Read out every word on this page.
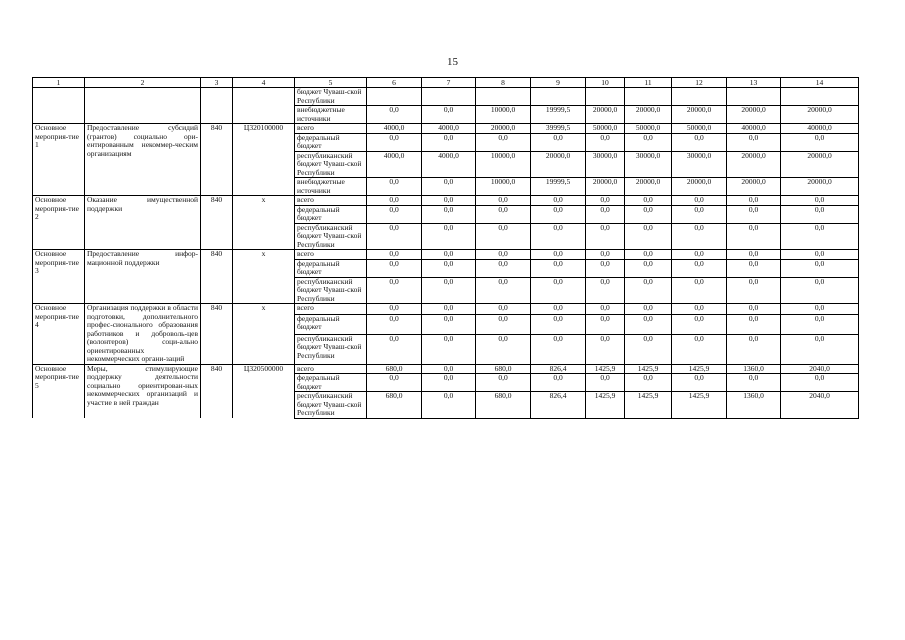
15
1	2	3	4	5	6	7	8	9	10	11	12	13	14
				бюджет Чуваш-ской Республики									
				внебюджетные источники	0,0	0,0	10000,0	19999,5	20000,0	20000,0	20000,0	20000,0	20000,0
Основное мероприя-тие 1	Предоставление субсидий (грантов) социально ори-ентированным некоммер-ческим организациям	840	Ц320100000	всего	4000,0	4000,0	20000,0	39999,5	50000,0	50000,0	50000,0	40000,0	40000,0
				федеральный бюджет	0,0	0,0	0,0	0,0	0,0	0,0	0,0	0,0	0,0
				республиканский бюджет Чуваш-ской Республики	4000,0	4000,0	10000,0	20000,0	30000,0	30000,0	30000,0	20000,0	20000,0
				внебюджетные источники	0,0	0,0	10000,0	19999,5	20000,0	20000,0	20000,0	20000,0	20000,0
Основное мероприя-тие 2	Оказание имущественной поддержки	840	х	всего	0,0	0,0	0,0	0,0	0,0	0,0	0,0	0,0	0,0
				федеральный бюджет	0,0	0,0	0,0	0,0	0,0	0,0	0,0	0,0	0,0
				республиканский бюджет Чуваш-ской Республики	0,0	0,0	0,0	0,0	0,0	0,0	0,0	0,0	0,0
Основное мероприя-тие 3	Предоставление инфор-мационной поддержки	840	х	всего	0,0	0,0	0,0	0,0	0,0	0,0	0,0	0,0	0,0
				федеральный бюджет	0,0	0,0	0,0	0,0	0,0	0,0	0,0	0,0	0,0
				республиканский бюджет Чуваш-ской Республики	0,0	0,0	0,0	0,0	0,0	0,0	0,0	0,0	0,0
Основное мероприя-тие 4	Организация поддержки в области подготовки, дополнительного профес-сионального образования работников и доброволь-цев (волонтеров) соци-ально ориентированных некоммерческих органи-заций	840	х	всего	0,0	0,0	0,0	0,0	0,0	0,0	0,0	0,0	0,0
				федеральный бюджет	0,0	0,0	0,0	0,0	0,0	0,0	0,0	0,0	0,0
				республиканский бюджет Чуваш-ской Республики	0,0	0,0	0,0	0,0	0,0	0,0	0,0	0,0	0,0
Основное мероприя-тие 5	Меры, стимулирующие поддержку деятельности социально ориентирован-ных некоммерческих организаций и участие в ней граждан	840	Ц320500000	всего	680,0	0,0	680,0	826,4	1425,9	1425,9	1425,9	1360,0	2040,0
				федеральный бюджет	0,0	0,0	0,0	0,0	0,0	0,0	0,0	0,0	0,0
				республиканский бюджет Чуваш-ской Республики	680,0	0,0	680,0	826,4	1425,9	1425,9	1425,9	1360,0	2040,0
